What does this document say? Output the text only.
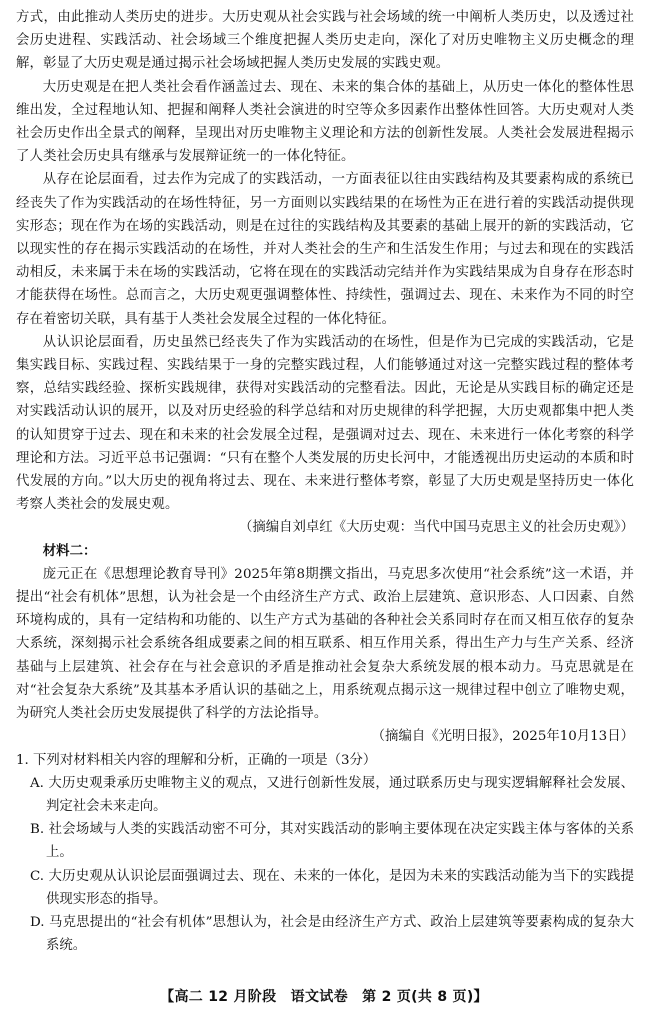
方式，由此推动人类历史的进步。大历史观从社会实践与社会场域的统一中阐析人类历史，以及透过社会历史进程、实践活动、社会场域三个维度把握人类历史走向，深化了对历史唯物主义历史概念的理解，彰显了大历史观是通过揭示社会场域把握人类历史发展的实践史观。

大历史观是在把人类社会看作涵盖过去、现在、未来的集合体的基础上，从历史一体化的整体性思维出发，全过程地认知、把握和阐释人类社会演进的时空等众多因素作出整体性回答。大历史观对人类社会历史作出全景式的阐释，呈现出对历史唯物主义理论和方法的创新性发展。人类社会发展进程揭示了人类社会历史具有继承与发展辩证统一的一体化特征。

从存在论层面看，过去作为完成了的实践活动，一方面表征以往由实践结构及其要素构成的系统已经丧失了作为实践活动的在场性特征，另一方面则以实践结果的在场性为正在进行着的实践活动提供现实形态；现在作为在场的实践活动，则是在过往的实践结构及其要素的基础上展开的新的实践活动，它以现实性的存在揭示实践活动的在场性，并对人类社会的生产和生活发生作用；与过去和现在的实践活动相反，未来属于未在场的实践活动，它将在现在的实践活动完结并作为实践结果成为自身存在形态时才能获得在场性。总而言之，大历史观更强调整体性、持续性，强调过去、现在、未来作为不同的时空存在着密切关联，具有基于人类社会发展全过程的一体化特征。

从认识论层面看，历史虽然已经丧失了作为实践活动的在场性，但是作为已完成的实践活动，它是集实践目标、实践过程、实践结果于一身的完整实践过程，人们能够通过对这一完整实践过程的整体考察，总结实践经验、探析实践规律，获得对实践活动的完整看法。因此，无论是从实践目标的确定还是对实践活动认识的展开，以及对历史经验的科学总结和对历史规律的科学把握，大历史观都集中把人类的认知贯穿于过去、现在和未来的社会发展全过程，是强调对过去、现在、未来进行一体化考察的科学理论和方法。习近平总书记强调：“只有在整个人类发展的历史长河中，才能透视出历史运动的本质和时代发展的方向。”以大历史的视角将过去、现在、未来进行整体考察，彰显了大历史观是坚持历史一体化考察人类社会的发展史观。

（摘编自刘卓红《大历史观：当代中国马克思主义的社会历史观》）

材料二：

庞元正在《思想理论教育导刊》2025年第8期撰文指出，马克思多次使用“社会系统”这一术语，并提出“社会有机体”思想，认为社会是一个由经济生产方式、政治上层建筑、意识形态、人口因素、自然环境构成的，具有一定结构和功能的、以生产方式为基础的各种社会关系同时存在而又相互依存的复杂大系统，深刻揭示社会系统各组成要素之间的相互联系、相互作用关系，得出生产力与生产关系、经济基础与上层建筑、社会存在与社会意识的矛盾是推动社会复杂大系统发展的根本动力。马克思就是在对“社会复杂大系统”及其基本矛盾认识的基础之上，用系统观点揭示这一规律过程中创立了唯物史观，为研究人类社会历史发展提供了科学的方法论指导。

（摘编自《光明日报》，2025年10月13日）

1. 下列对材料相关内容的理解和分析，正确的一项是（3分）

A. 大历史观秉承历史唯物主义的观点，又进行创新性发展，通过联系历史与现实逻辑解释社会发展、判定社会未来走向。

B. 社会场域与人类的实践活动密不可分，其对实践活动的影响主要体现在决定实践主体与客体的关系上。

C. 大历史观从认识论层面强调过去、现在、未来的一体化，是因为未来的实践活动能为当下的实践提供现实形态的指导。

D. 马克思提出的“社会有机体”思想认为，社会是由经济生产方式、政治上层建筑等要素构成的复杂大系统。

【高二 12 月阶段　语文试卷　第 2 页(共 8 页)】
